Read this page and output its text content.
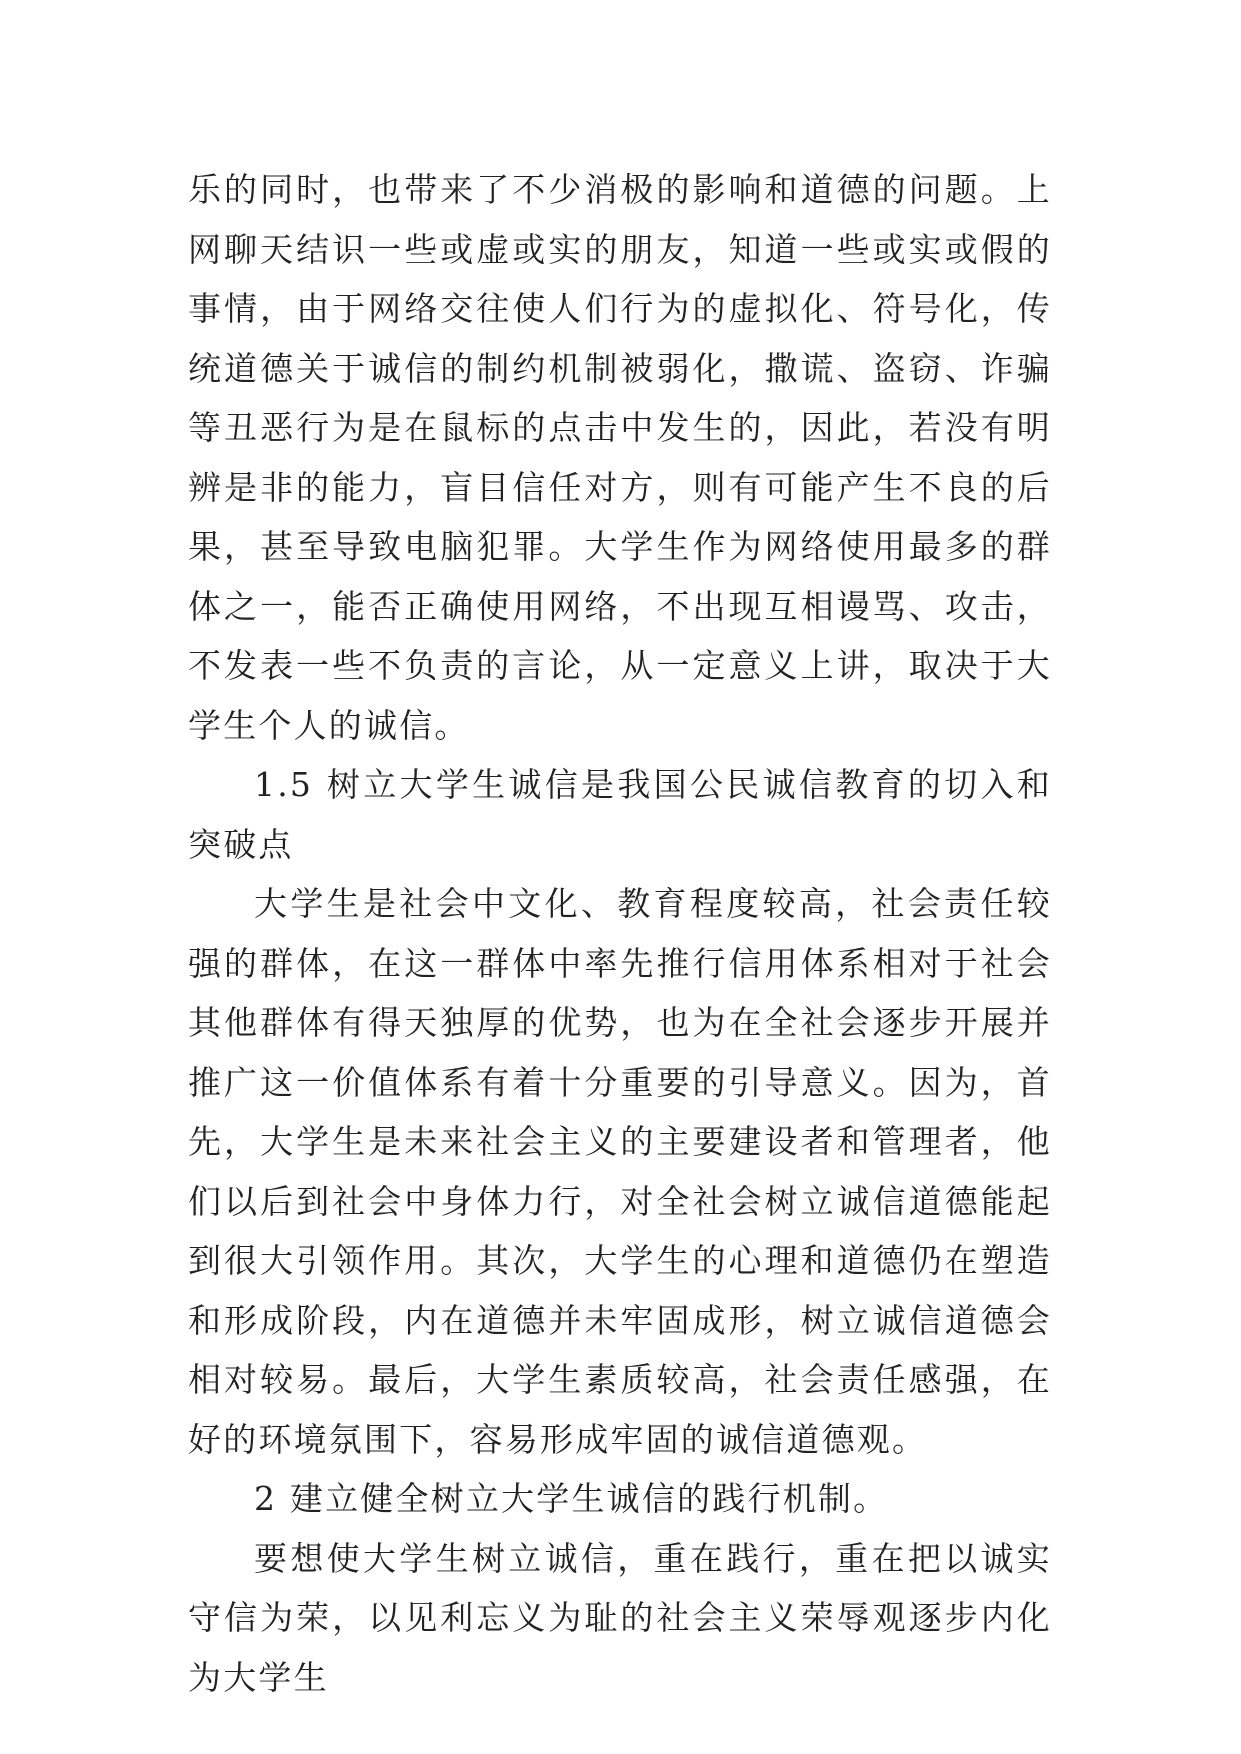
乐的同时，也带来了不少消极的影响和道德的问题。上网聊天结识一些或虚或实的朋友，知道一些或实或假的事情，由于网络交往使人们行为的虚拟化、符号化，传统道德关于诚信的制约机制被弱化，撒谎、盗窃、诈骗等丑恶行为是在鼠标的点击中发生的，因此，若没有明辨是非的能力，盲目信任对方，则有可能产生不良的后果，甚至导致电脑犯罪。大学生作为网络使用最多的群体之一，能否正确使用网络，不出现互相谩骂、攻击，不发表一些不负责的言论，从一定意义上讲，取决于大学生个人的诚信。

1.5 树立大学生诚信是我国公民诚信教育的切入和突破点

大学生是社会中文化、教育程度较高，社会责任较强的群体，在这一群体中率先推行信用体系相对于社会其他群体有得天独厚的优势，也为在全社会逐步开展并推广这一价值体系有着十分重要的引导意义。因为，首先，大学生是未来社会主义的主要建设者和管理者，他们以后到社会中身体力行，对全社会树立诚信道德能起到很大引领作用。其次，大学生的心理和道德仍在塑造和形成阶段，内在道德并未牢固成形，树立诚信道德会相对较易。最后，大学生素质较高，社会责任感强，在好的环境氛围下，容易形成牢固的诚信道德观。

2 建立健全树立大学生诚信的践行机制。

要想使大学生树立诚信，重在践行，重在把以诚实守信为荣，以见利忘义为耻的社会主义荣辱观逐步内化为大学生
